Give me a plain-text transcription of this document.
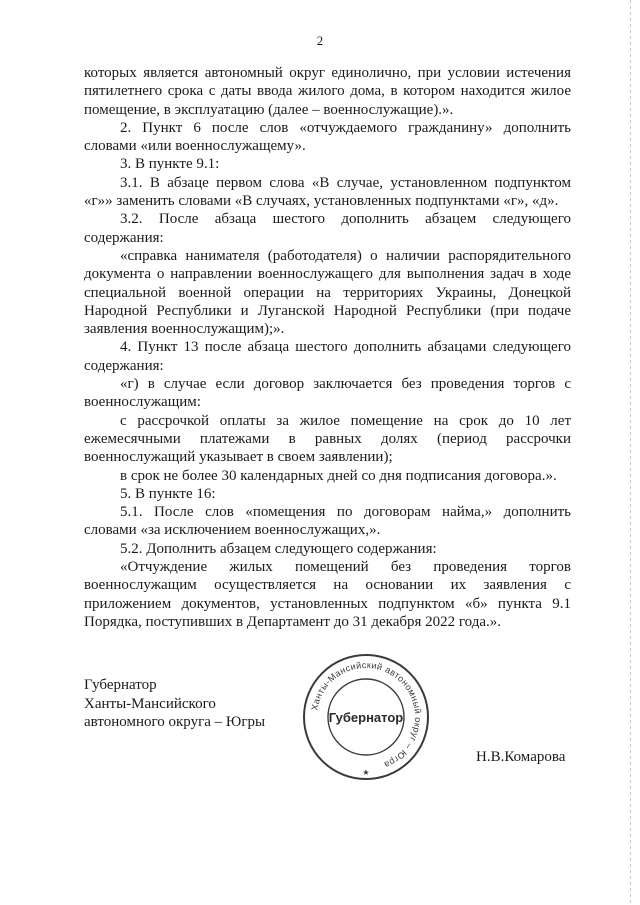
2

которых является автономный округ единолично, при условии истечения пятилетнего срока с даты ввода жилого дома, в котором находится жилое помещение, в эксплуатацию (далее – военнослужащие).».

2. Пункт 6 после слов «отчуждаемого гражданину» дополнить словами «или военнослужащему».

3. В пункте 9.1:

3.1. В абзаце первом слова «В случае, установленном подпунктом «г»» заменить словами «В случаях, установленных подпунктами «г», «д».

3.2. После абзаца шестого дополнить абзацем следующего содержания:

«справка нанимателя (работодателя) о наличии распорядительного документа о направлении военнослужащего для выполнения задач в ходе специальной военной операции на территориях Украины, Донецкой Народной Республики и Луганской Народной Республики (при подаче заявления военнослужащим);».

4. Пункт 13 после абзаца шестого дополнить абзацами следующего содержания:

«г) в случае если договор заключается без проведения торгов с военнослужащим:

с рассрочкой оплаты за жилое помещение на срок до 10 лет ежемесячными платежами в равных долях (период рассрочки военнослужащий указывает в своем заявлении);

в срок не более 30 календарных дней со дня подписания договора.».

5. В пункте 16:

5.1. После слов «помещения по договорам найма,» дополнить словами «за исключением военнослужащих,».

5.2. Дополнить абзацем следующего содержания:

«Отчуждение жилых помещений без проведения торгов военнослужащим осуществляется на основании их заявления с приложением документов, установленных подпунктом «б» пункта 9.1 Порядка, поступивших в Департамент до 31 декабря 2022 года.».

Губернатор
Ханты-Мансийского
автономного округа – Югры
Ханты-Мансийский автономный округ – Югра
Губернатор
★
Н.В.Комарова
